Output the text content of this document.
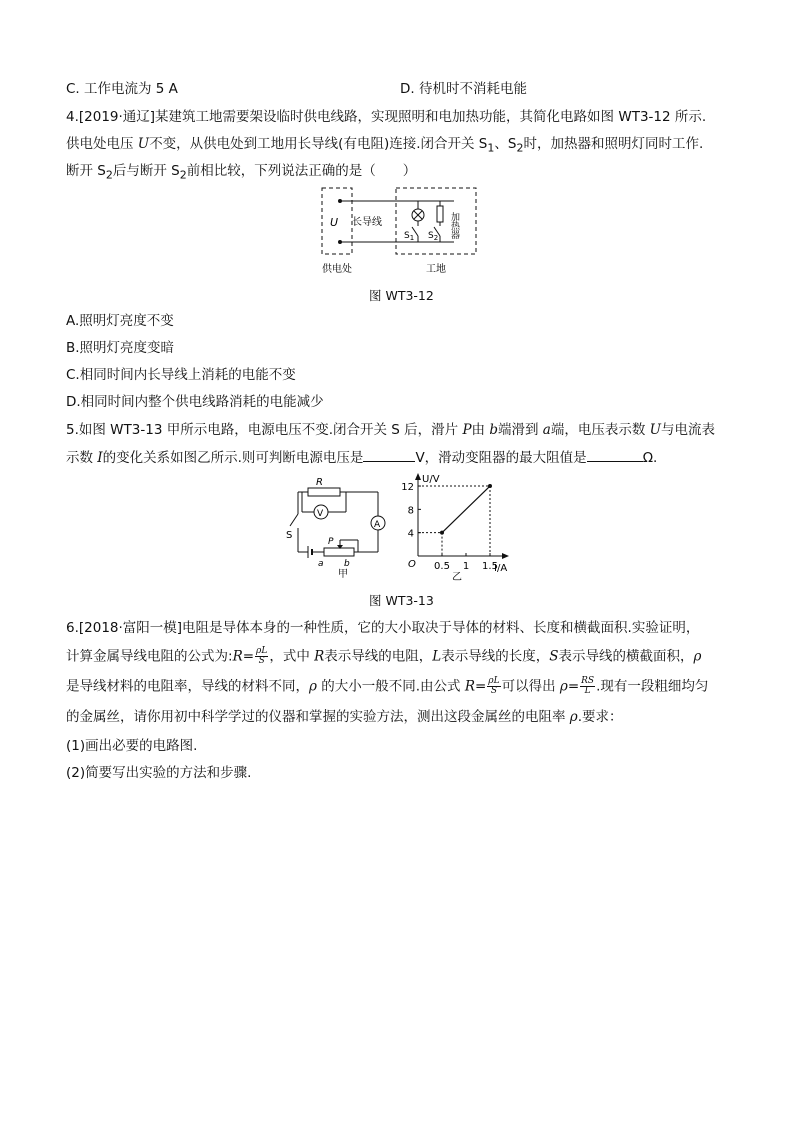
C. 工作电流为 5 A	D. 待机时不消耗电能
4.[2019·通辽]某建筑工地需要架设临时供电线路，实现照明和电加热功能，其简化电路如图 WT3-12 所示.
供电处电压 U不变，从供电处到工地用长导线(有电阻)连接.闭合开关 $S_1$、$S_2$时，加热器和照明灯同时工作.
断开 $S_2$后与断开 $S_2$前相比较，下列说法正确的是（　　）
U 长导线
$S_1$ $S_2$ 加热器
供电处	工地
图 WT3-12
A.照明灯亮度不变
B.照明灯亮度变暗
C.相同时间内长导线上消耗的电能不变
D.相同时间内整个供电线路消耗的电能减少
5.如图 WT3-13 甲所示电路，电源电压不变.闭合开关 S 后，滑片 P由 b端滑到 a端，电压表示数 U与电流表
示数 I的变化关系如图乙所示.则可判断电源电压是	V，滑动变阻器的最大阻值是	Ω.
R
V
A
S
P
a b
甲
U/V
I/A
O
4
8
12
0.5 1 1.5
乙
图 WT3-13
6.[2018·富阳一模]电阻是导体本身的一种性质，它的大小取决于导体的材料、长度和横截面积.实验证明，
计算金属导线电阻的公式为:R= $\frac{\rho L}{S}$ ，式中 R表示导线的电阻，L表示导线的长度，S表示导线的横截面积，ρ
是导线材料的电阻率，导线的材料不同，ρ 的大小一般不同.由公式 $R= \frac{\rho L}{S}$ 可以得出 $\rho= \frac{RS}{L}$ .现有一段粗细均匀
的金属丝，请你用初中科学学过的仪器和掌握的实验方法，测出这段金属丝的电阻率 ρ.要求：
(1)画出必要的电路图.
(2)简要写出实验的方法和步骤.
